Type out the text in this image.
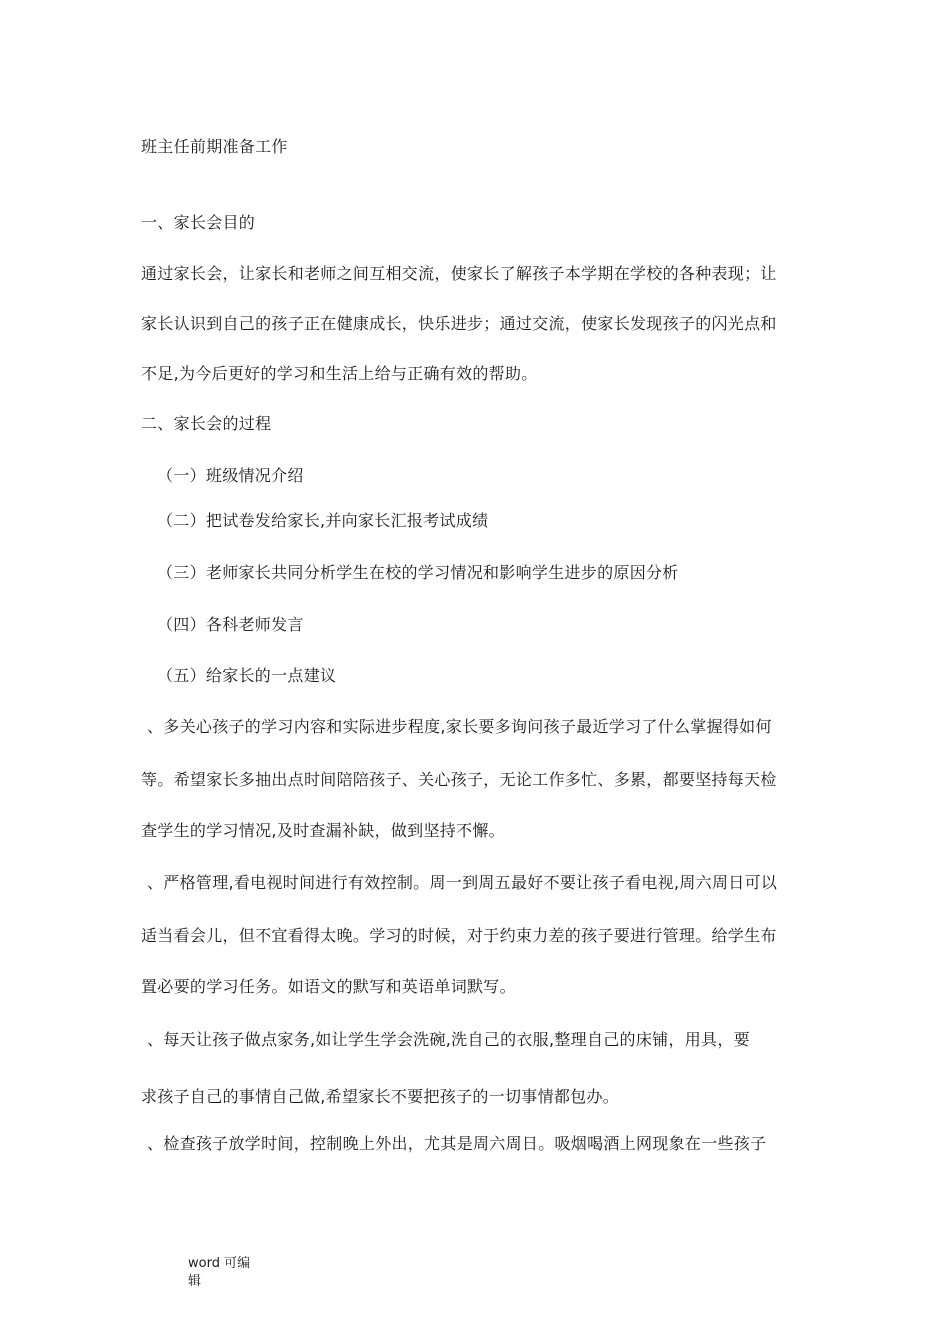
班主任前期准备工作
一、家长会目的
通过家长会，让家长和老师之间互相交流，使家长了解孩子本学期在学校的各种表现；让
家长认识到自己的孩子正在健康成长，快乐进步；通过交流，使家长发现孩子的闪光点和
不足,为今后更好的学习和生活上给与正确有效的帮助。
二、家长会的过程
（一）班级情况介绍
（二）把试卷发给家长,并向家长汇报考试成绩
（三）老师家长共同分析学生在校的学习情况和影响学生进步的原因分析
（四）各科老师发言
（五）给家长的一点建议
、多关心孩子的学习内容和实际进步程度,家长要多询问孩子最近学习了什么掌握得如何
等。希望家长多抽出点时间陪陪孩子、关心孩子，无论工作多忙、多累，都要坚持每天检
查学生的学习情况,及时查漏补缺，做到坚持不懈。
、严格管理,看电视时间进行有效控制。周一到周五最好不要让孩子看电视,周六周日可以
适当看会儿，但不宜看得太晚。学习的时候，对于约束力差的孩子要进行管理。给学生布
置必要的学习任务。如语文的默写和英语单词默写。
、每天让孩子做点家务,如让学生学会洗碗,洗自己的衣服,整理自己的床铺，用具，要
求孩子自己的事情自己做,希望家长不要把孩子的一切事情都包办。
、检查孩子放学时间，控制晚上外出，尤其是周六周日。吸烟喝酒上网现象在一些孩子
word 可编
辑
